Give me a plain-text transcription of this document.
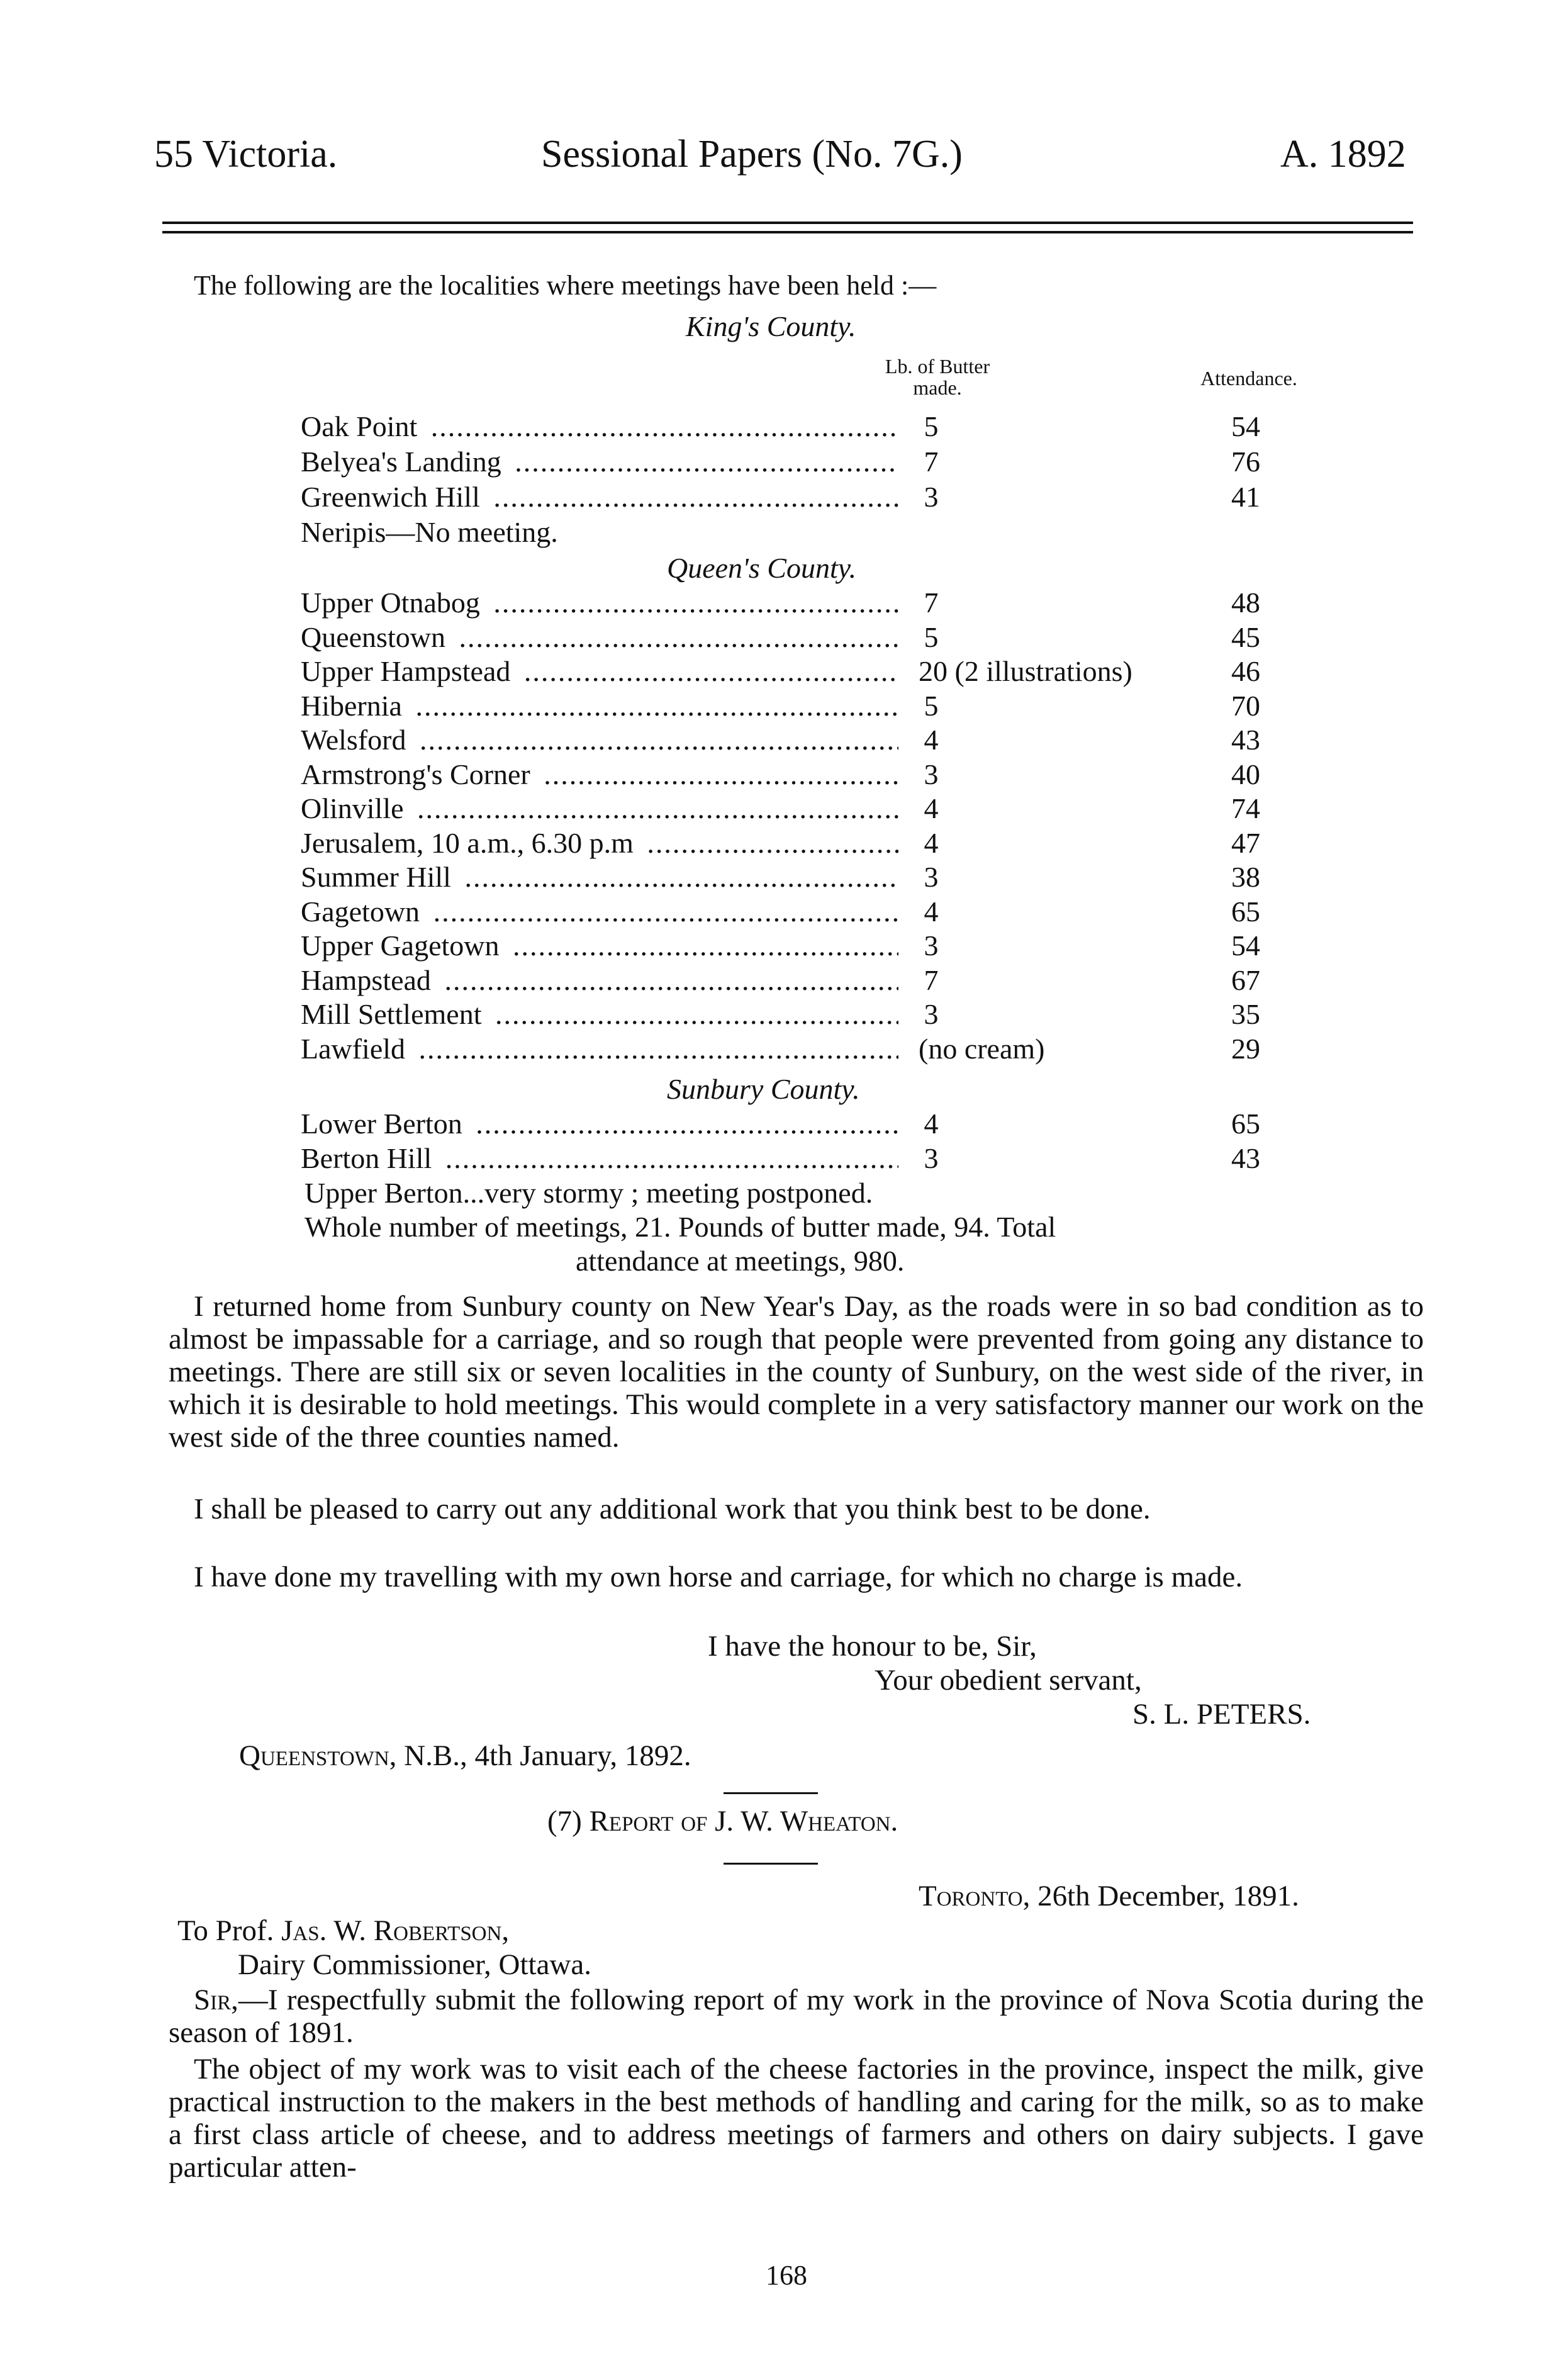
55 Victoria.	Sessional Papers (No. 7G.)	A. 1892
The following are the localities where meetings have been held :—
King's County.
Lb. of Butter made.	Attendance.
Oak Point .....	5	54
Belyea's Landing .....	7	76
Greenwich Hill .....	3	41
Neripis—No meeting.
Queen's County.
Upper Otnabog .....	7	48
Queenstown .....	5	45
Upper Hampstead .....	20 (2 illustrations)	46
Hibernia .....	5	70
Welsford .....	4	43
Armstrong's Corner .....	3	40
Olinville .....	4	74
Jerusalem, 10 a.m., 6.30 p.m .....	4	47
Summer Hill .....	3	38
Gagetown .....	4	65
Upper Gagetown .....	3	54
Hampstead .....	7	67
Mill Settlement .....	3	35
Lawfield .....	(no cream)	29
Sunbury County.
Lower Berton .....	4	65
Berton Hill .....	3	43
Upper Berton...very stormy ; meeting postponed.
Whole number of meetings, 21. Pounds of butter made, 94. Total
attendance at meetings, 980.
I returned home from Sunbury county on New Year's Day, as the roads were in so bad condition as to almost be impassable for a carriage, and so rough that people were prevented from going any distance to meetings. There are still six or seven localities in the county of Sunbury, on the west side of the river, in which it is desirable to hold meetings. This would complete in a very satisfactory manner our work on the west side of the three counties named.
I shall be pleased to carry out any additional work that you think best to be done.
I have done my travelling with my own horse and carriage, for which no charge is made.
I have the honour to be, Sir,
Your obedient servant,
S. L. PETERS.
Queenstown, N.B., 4th January, 1892.
(7) Report of J. W. Wheaton.
Toronto, 26th December, 1891.
To Prof. Jas. W. Robertson,
Dairy Commissioner, Ottawa.
Sir,—I respectfully submit the following report of my work in the province of Nova Scotia during the season of 1891.
The object of my work was to visit each of the cheese factories in the province, inspect the milk, give practical instruction to the makers in the best methods of handling and caring for the milk, so as to make a first class article of cheese, and to address meetings of farmers and others on dairy subjects. I gave particular atten-
168
